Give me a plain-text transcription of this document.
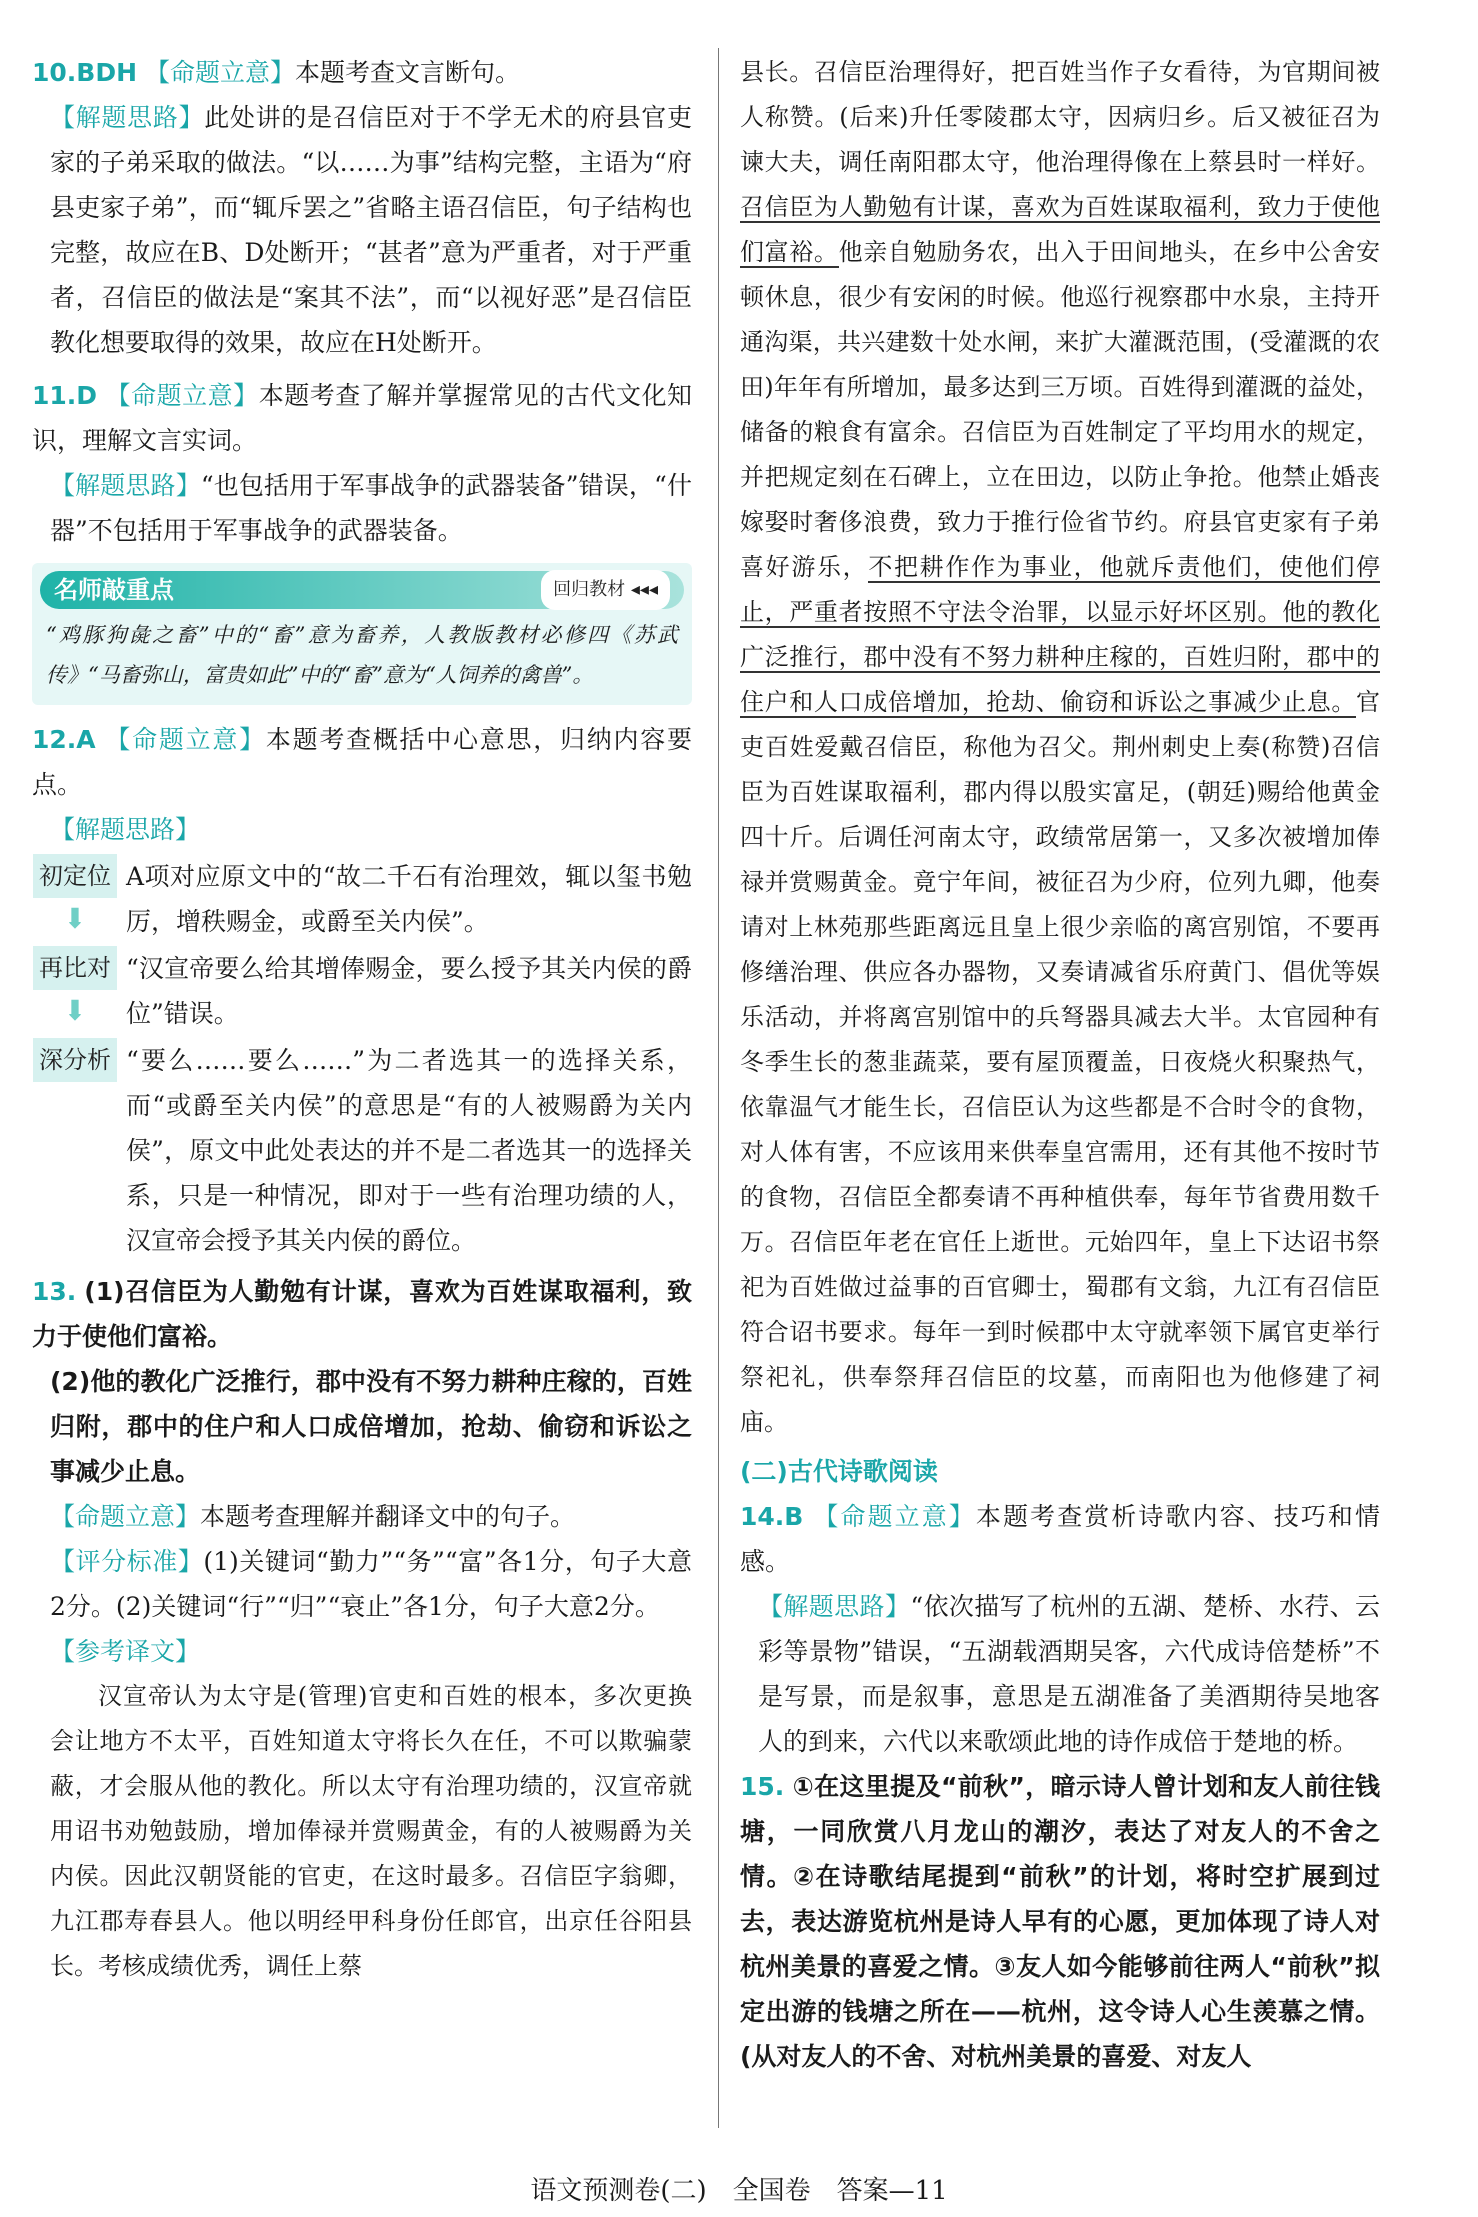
10.BDH 【命题立意】本题考查文言断句。

【解题思路】此处讲的是召信臣对于不学无术的府县官吏家的子弟采取的做法。“以……为事”结构完整，主语为“府县吏家子弟”，而“辄斥罢之”省略主语召信臣，句子结构也完整，故应在B、D处断开；“甚者”意为严重者，对于严重者，召信臣的做法是“案其不法”，而“以视好恶”是召信臣教化想要取得的效果，故应在H处断开。

11.D 【命题立意】本题考查了解并掌握常见的古代文化知识，理解文言实词。

【解题思路】“也包括用于军事战争的武器装备”错误，“什器”不包括用于军事战争的武器装备。

名师敲重点	回归教材 ◂◂◂

“鸡豚狗彘之畜”中的“畜”意为畜养，人教版教材必修四《苏武传》“马畜弥山，富贵如此”中的“畜”意为“人饲养的禽兽”。

12.A 【命题立意】本题考查概括中心意思，归纳内容要点。

【解题思路】

初定位
⬇

A项对应原文中的“故二千石有治理效，辄以玺书勉厉，增秩赐金，或爵至关内侯”。

再比对
⬇

“汉宣帝要么给其增俸赐金，要么授予其关内侯的爵位”错误。

深分析 “要么……要么……”为二者选其一的选择关系，而“或爵至关内侯”的意思是“有的人被赐爵为关内侯”，原文中此处表达的并不是二者选其一的选择关系，只是一种情况，即对于一些有治理功绩的人，汉宣帝会授予其关内侯的爵位。

13. (1)召信臣为人勤勉有计谋，喜欢为百姓谋取福利，致力于使他们富裕。

(2)他的教化广泛推行，郡中没有不努力耕种庄稼的，百姓归附，郡中的住户和人口成倍增加，抢劫、偷窃和诉讼之事减少止息。

【命题立意】本题考查理解并翻译文中的句子。

【评分标准】(1)关键词“勤力”“务”“富”各1分，句子大意2分。(2)关键词“行”“归”“衰止”各1分，句子大意2分。

【参考译文】

汉宣帝认为太守是(管理)官吏和百姓的根本，多次更换会让地方不太平，百姓知道太守将长久在任，不可以欺骗蒙蔽，才会服从他的教化。所以太守有治理功绩的，汉宣帝就用诏书劝勉鼓励，增加俸禄并赏赐黄金，有的人被赐爵为关内侯。因此汉朝贤能的官吏，在这时最多。召信臣字翁卿，九江郡寿春县人。他以明经甲科身份任郎官，出京任谷阳县长。考核成绩优秀，调任上蔡

县长。召信臣治理得好，把百姓当作子女看待，为官期间被人称赞。(后来)升任零陵郡太守，因病归乡。后又被征召为谏大夫，调任南阳郡太守，他治理得像在上蔡县时一样好。召信臣为人勤勉有计谋，喜欢为百姓谋取福利，致力于使他们富裕。他亲自勉励务农，出入于田间地头，在乡中公舍安顿休息，很少有安闲的时候。他巡行视察郡中水泉，主持开通沟渠，共兴建数十处水闸，来扩大灌溉范围，(受灌溉的农田)年年有所增加，最多达到三万顷。百姓得到灌溉的益处，储备的粮食有富余。召信臣为百姓制定了平均用水的规定，并把规定刻在石碑上，立在田边，以防止争抢。他禁止婚丧嫁娶时奢侈浪费，致力于推行俭省节约。府县官吏家有子弟喜好游乐，不把耕作作为事业，他就斥责他们，使他们停止，严重者按照不守法令治罪，以显示好坏区别。他的教化广泛推行，郡中没有不努力耕种庄稼的，百姓归附，郡中的住户和人口成倍增加，抢劫、偷窃和诉讼之事减少止息。官吏百姓爱戴召信臣，称他为召父。荆州刺史上奏(称赞)召信臣为百姓谋取福利，郡内得以殷实富足，(朝廷)赐给他黄金四十斤。后调任河南太守，政绩常居第一，又多次被增加俸禄并赏赐黄金。竟宁年间，被征召为少府，位列九卿，他奏请对上林苑那些距离远且皇上很少亲临的离宫别馆，不要再修缮治理、供应各办器物，又奏请减省乐府黄门、倡优等娱乐活动，并将离宫别馆中的兵弩器具减去大半。太官园种有冬季生长的葱韭蔬菜，要有屋顶覆盖，日夜烧火积聚热气，依靠温气才能生长，召信臣认为这些都是不合时令的食物，对人体有害，不应该用来供奉皇宫需用，还有其他不按时节的食物，召信臣全都奏请不再种植供奉，每年节省费用数千万。召信臣年老在官任上逝世。元始四年，皇上下达诏书祭祀为百姓做过益事的百官卿士，蜀郡有文翁，九江有召信臣符合诏书要求。每年一到时候郡中太守就率领下属官吏举行祭祀礼，供奉祭拜召信臣的坟墓，而南阳也为他修建了祠庙。

(二)古代诗歌阅读

14.B 【命题立意】本题考查赏析诗歌内容、技巧和情感。

【解题思路】“依次描写了杭州的五湖、楚桥、水荇、云彩等景物”错误，“五湖载酒期吴客，六代成诗倍楚桥”不是写景，而是叙事，意思是五湖准备了美酒期待吴地客人的到来，六代以来歌颂此地的诗作成倍于楚地的桥。

15. ①在这里提及“前秋”，暗示诗人曾计划和友人前往钱塘，一同欣赏八月龙山的潮汐，表达了对友人的不舍之情。②在诗歌结尾提到“前秋”的计划，将时空扩展到过去，表达游览杭州是诗人早有的心愿，更加体现了诗人对杭州美景的喜爱之情。③友人如今能够前往两人“前秋”拟定出游的钱塘之所在——杭州，这令诗人心生羡慕之情。(从对友人的不舍、对杭州美景的喜爱、对友人

语文预测卷(二)　全国卷　答案—11
